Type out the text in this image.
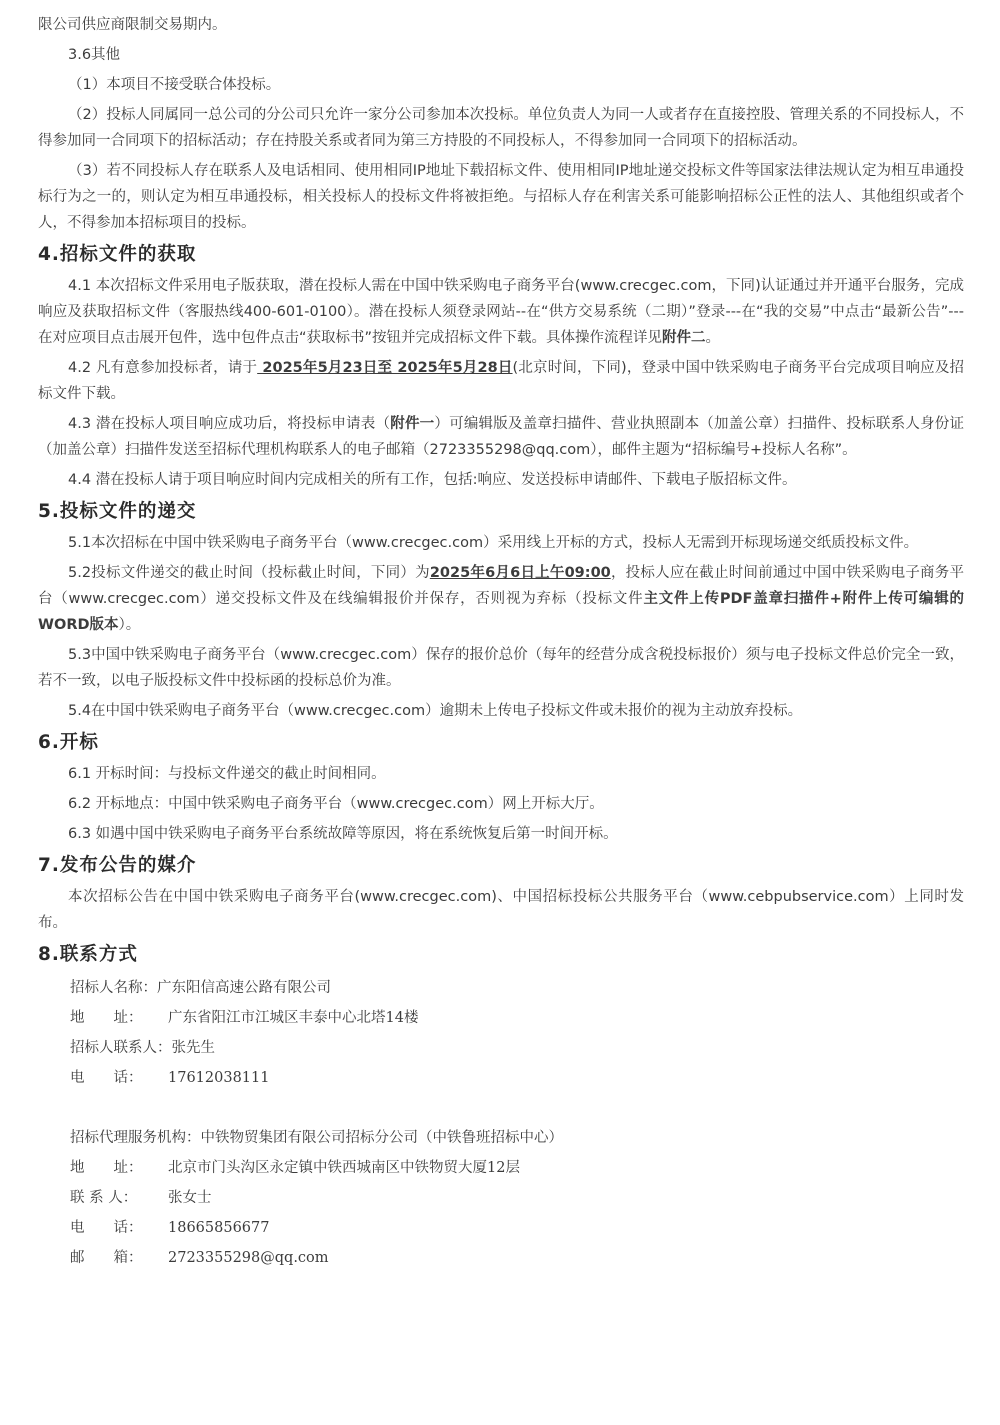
限公司供应商限制交易期内。

3.6其他

（1）本项目不接受联合体投标。

（2）投标人同属同一总公司的分公司只允许一家分公司参加本次投标。单位负责人为同一人或者存在直接控股、管理关系的不同投标人，不得参加同一合同项下的招标活动；存在持股关系或者同为第三方持股的不同投标人，不得参加同一合同项下的招标活动。

（3）若不同投标人存在联系人及电话相同、使用相同IP地址下载招标文件、使用相同IP地址递交投标文件等国家法律法规认定为相互串通投标行为之一的，则认定为相互串通投标，相关投标人的投标文件将被拒绝。与招标人存在利害关系可能影响招标公正性的法人、其他组织或者个人，不得参加本招标项目的投标。

4.招标文件的获取

4.1 本次招标文件采用电子版获取，潜在投标人需在中国中铁采购电子商务平台(www.crecgec.com，下同)认证通过并开通平台服务，完成响应及获取招标文件（客服热线400-601-0100）。潜在投标人须登录网站--在“供方交易系统（二期）”登录---在“我的交易”中点击“最新公告”---在对应项目点击展开包件，选中包件点击“获取标书”按钮并完成招标文件下载。具体操作流程详见附件二。

4.2 凡有意参加投标者，请于 2025年5月23日至 2025年5月28日(北京时间，下同)，登录中国中铁采购电子商务平台完成项目响应及招标文件下载。

4.3 潜在投标人项目响应成功后，将投标申请表（附件一）可编辑版及盖章扫描件、营业执照副本（加盖公章）扫描件、投标联系人身份证（加盖公章）扫描件发送至招标代理机构联系人的电子邮箱（2723355298@qq.com），邮件主题为“招标编号+投标人名称”。

4.4 潜在投标人请于项目响应时间内完成相关的所有工作，包括:响应、发送投标申请邮件、下载电子版招标文件。

5.投标文件的递交

5.1本次招标在中国中铁采购电子商务平台（www.crecgec.com）采用线上开标的方式，投标人无需到开标现场递交纸质投标文件。

5.2投标文件递交的截止时间（投标截止时间，下同）为2025年6月6日上午09:00，投标人应在截止时间前通过中国中铁采购电子商务平台（www.crecgec.com）递交投标文件及在线编辑报价并保存，否则视为弃标（投标文件主文件上传PDF盖章扫描件+附件上传可编辑的WORD版本）。

5.3中国中铁采购电子商务平台（www.crecgec.com）保存的报价总价（每年的经营分成含税投标报价）须与电子投标文件总价完全一致，若不一致，以电子版投标文件中投标函的投标总价为准。

5.4在中国中铁采购电子商务平台（www.crecgec.com）逾期未上传电子投标文件或未报价的视为主动放弃投标。

6.开标

6.1 开标时间：与投标文件递交的截止时间相同。

6.2 开标地点：中国中铁采购电子商务平台（www.crecgec.com）网上开标大厅。

6.3 如遇中国中铁采购电子商务平台系统故障等原因，将在系统恢复后第一时间开标。

7.发布公告的媒介

本次招标公告在中国中铁采购电子商务平台(www.crecgec.com)、中国招标投标公共服务平台（www.cebpubservice.com）上同时发布。

8.联系方式
招标人名称：广东阳信高速公路有限公司
地　　址： 广东省阳江市江城区丰泰中心北塔14楼
招标人联系人：张先生
电　　话： 17612038111
招标代理服务机构：中铁物贸集团有限公司招标分公司（中铁鲁班招标中心）
地　　址： 北京市门头沟区永定镇中铁西城南区中铁物贸大厦12层
联 系 人： 张女士
电　　话： 18665856677
邮　　箱： 2723355298@qq.com
